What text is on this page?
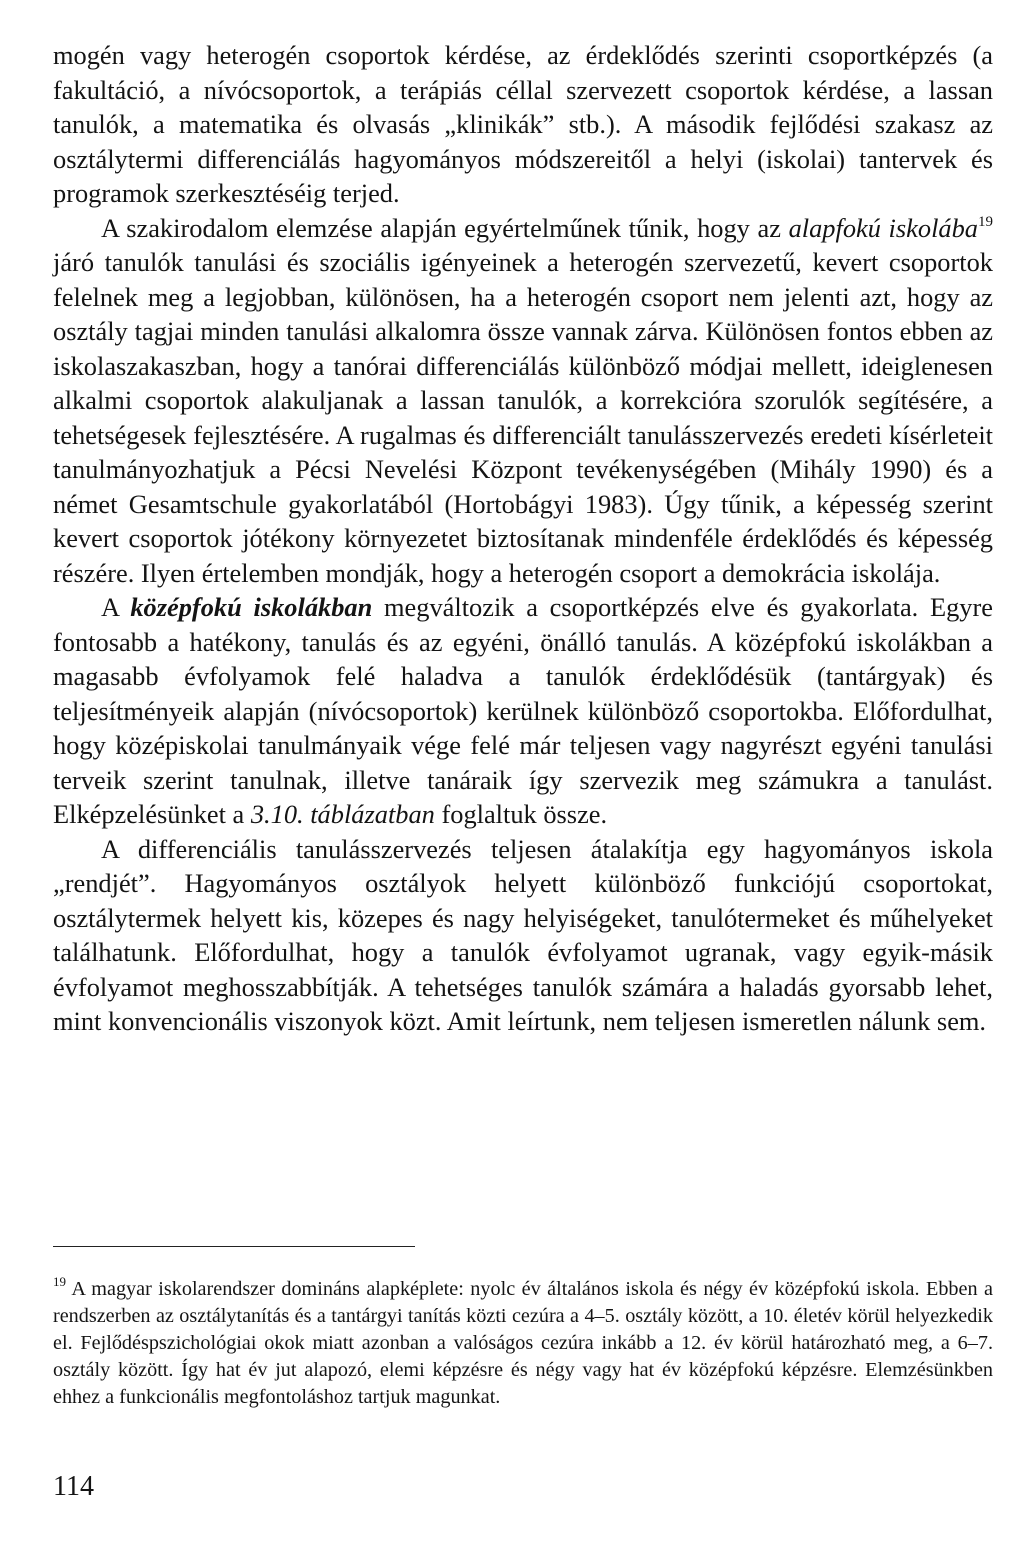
mogén vagy heterogén csoportok kérdése, az érdeklődés szerinti csoportképzés (a fakultáció, a nívócsoportok, a terápiás céllal szervezett csoportok kérdése, a lassan tanulók, a matematika és olvasás „klinikák” stb.). A második fejlődési szakasz az osztálytermi differenciálás hagyományos módszereitől a helyi (iskolai) tantervek és programok szerkesztéséig terjed.

A szakirodalom elemzése alapján egyértelműnek tűnik, hogy az alapfokú iskolába$^{19}$ járó tanulók tanulási és szociális igényeinek a heterogén szervezetű, kevert csoportok felelnek meg a legjobban, különösen, ha a heterogén csoport nem jelenti azt, hogy az osztály tagjai minden tanulási alkalomra össze vannak zárva. Különösen fontos ebben az iskolaszakaszban, hogy a tanórai differenciálás különböző módjai mellett, ideiglenesen alkalmi csoportok alakuljanak a lassan tanulók, a korrekcióra szorulók segítésére, a tehetségesek fejlesztésére. A rugalmas és differenciált tanulásszervezés eredeti kísérleteit tanulmányozhatjuk a Pécsi Nevelési Központ tevékenységében (Mihály 1990) és a német Gesamtschule gyakorlatából (Hortobágyi 1983). Úgy tűnik, a képesség szerint kevert csoportok jótékony környezetet biztosítanak mindenféle érdeklődés és képesség részére. Ilyen értelemben mondják, hogy a heterogén csoport a demokrácia iskolája.

A középfokú iskolákban megváltozik a csoportképzés elve és gyakorlata. Egyre fontosabb a hatékony, tanulás és az egyéni, önálló tanulás. A középfokú iskolákban a magasabb évfolyamok felé haladva a tanulók érdeklődésük (tantárgyak) és teljesítményeik alapján (nívócsoportok) kerülnek különböző csoportokba. Előfordulhat, hogy középiskolai tanulmányaik vége felé már teljesen vagy nagyrészt egyéni tanulási terveik szerint tanulnak, illetve tanáraik így szervezik meg számukra a tanulást. Elképzelésünket a 3.10. táblázatban foglaltuk össze.

A differenciális tanulásszervezés teljesen átalakítja egy hagyományos iskola „rendjét”. Hagyományos osztályok helyett különböző funkciójú csoportokat, osztálytermek helyett kis, közepes és nagy helyiségeket, tanulótermeket és műhelyeket találhatunk. Előfordulhat, hogy a tanulók évfolyamot ugranak, vagy egyik-másik évfolyamot meghosszabbítják. A tehetséges tanulók számára a haladás gyorsabb lehet, mint konvencionális viszonyok közt. Amit leírtunk, nem teljesen ismeretlen nálunk sem.

$^{19}$ A magyar iskolarendszer domináns alapképlete: nyolc év általános iskola és négy év középfokú iskola. Ebben a rendszerben az osztálytanítás és a tantárgyi tanítás közti cezúra a 4–5. osztály között, a 10. életév körül helyezkedik el. Fejlődéspszichológiai okok miatt azonban a valóságos cezúra inkább a 12. év körül határozható meg, a 6–7. osztály között. Így hat év jut alapozó, elemi képzésre és négy vagy hat év középfokú képzésre. Elemzésünkben ehhez a funkcionális megfontoláshoz tartjuk magunkat.

114
